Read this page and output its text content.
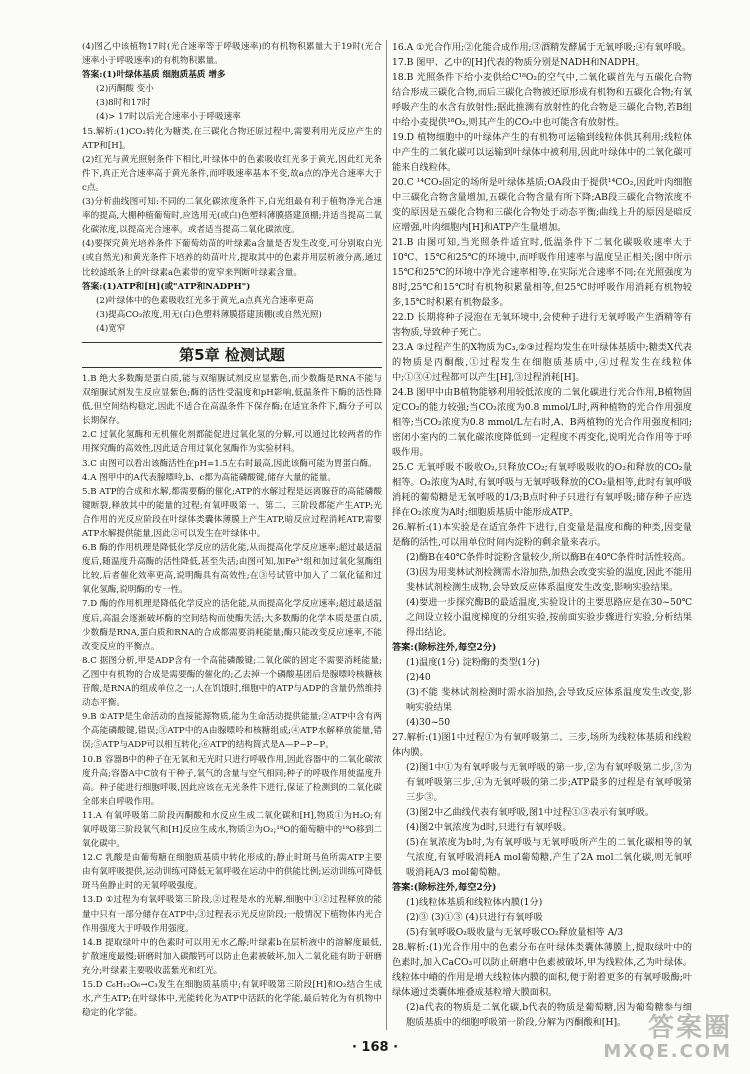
(4)图乙中该植物17时(光合速率等于呼吸速率)的有机物积累量大于19时(光合速率小于呼吸速率)的有机物积累量。

答案:(1)叶绿体基质 细胞质基质 增多

(2)丙酮酸 变小

(3)8时和17时

(4)> 17时以后光合速率小于呼吸速率

15.解析:(1)CO₂转化为糖类,在三碳化合物还原过程中,需要利用光反应产生的ATP和[H]。

(2)红光与黄光照射条件下相比,叶绿体中的色素吸收红光多于黄光,因此红光条件下,真正光合速率高于黄光条件,而呼吸速率基本不变,故a点的净光合速率大于c点。

(3)分析曲线图可知:不同的二氧化碳浓度条件下,白光组最有利于植物净光合速率的提高,大棚种植葡萄时,应选用无(或白)色塑料薄膜搭建顶棚;并适当提高二氧化碳浓度,以提高光合速率。或者适当提高二氧化碳浓度。

(4)要探究黄光培养条件下葡萄幼苗的叶绿素a含量是否发生改变,可分别取白光(或自然光)和黄光条件下培养的幼苗叶片,提取其中的色素并用层析液分离,通过比较滤纸条上的叶绿素a色素带的宽窄来判断叶绿素含量。

答案:(1)ATP和[H](或"ATP和NADPH")

(2)叶绿体中的色素吸收红光多于黄光,a点真光合速率更高

(3)提高CO₂浓度,用无(白)色塑料薄膜搭建顶棚(或自然光照)

(4)宽窄

第5章 检测试题

1.B 绝大多数酶是蛋白质,能与双缩脲试剂反应显紫色,而少数酶是RNA不能与双缩脲试剂发生反应显紫色;酶的活性受温度和pH影响,低温条件下酶的活性降低,但空间结构稳定,因此不适合在高温条件下保存酶;在适宜条件下,酶分子可以长期保存。

2.C 过氧化氢酶和无机催化剂都能促进过氧化氢的分解,可以通过比较两者的作用探究酶的高效性,因此适合用过氧化氢酶作为实验材料。

3.C 由图可以看出该酶活性在pH=1.5左右时最高,因此该酶可能为胃蛋白酶。

4.A 图甲中的A代表腺嘌呤,b、c都为高能磷酸键,储存大量的能量。

5.B ATP的合成和水解,都需要酶的催化;ATP的水解过程是远离腺苷的高能磷酸键断裂,释放其中的能量的过程;有氧呼吸第一、第二、三阶段都能产生ATP;光合作用的光反应阶段在叶绿体类囊体薄膜上产生ATP,暗反应过程消耗ATP,需要ATP水解提供能量,因此②可以发生在叶绿体中。

6.B 酶的作用机理是降低化学反应的活化能,从而提高化学反应速率;超过最适温度后,随温度升高酶的活性降低,甚至失活;由图可知,加Fe³⁺组和加过氧化氢酶组比较,后者催化效率更高,说明酶具有高效性;在③号试管中加入了二氧化锰和过氧化氢酶,说明酶的专一性。

7.D 酶的作用机理是降低化学反应的活化能,从而提高化学反应速率;超过最适温度后,高温会逐渐破坏酶的空间结构而使酶失活;大多数酶的化学本质是蛋白质,少数酶是RNA,蛋白质和RNA的合成都需要消耗能量;酶只能改变反应速率,不能改变反应的平衡点。

8.C 据图分析,甲是ADP含有一个高能磷酸键;二氧化碳的固定不需要消耗能量;乙图中有机物的合成是需要酶的催化的;乙去掉一个磷酸基团后是腺嘌呤核糖核苷酸,是RNA的组成单位之一;人在饥饿时,细胞中的ATP与ADP的含量仍然维持动态平衡。

9.B ①ATP是生命活动的直接能源物质,能为生命活动提供能量;②ATP中含有两个高能磷酸键,错误;③ATP中的A由腺嘌呤和核糖组成;④ATP水解释放能量,错误;⑤ATP与ADP可以相互转化;⑥ATP的结构简式是A—P~P~P。

10.B 容器B中的种子在无氧和无光时只进行呼吸作用,因此容器中的二氧化碳浓度升高;容器A中C放有干种子,氧气的含量与空气相同;种子的呼吸作用使温度升高。种子能进行细胞呼吸,因此应该在无光条件下进行,保证了检测到的二氧化碳全部来自呼吸作用。

11.A 有氧呼吸第二阶段丙酮酸和水反应生成二氧化碳和[H],物质①为H₂O;有氧呼吸第三阶段氧气和[H]反应生成水,物质②为O₂;¹⁸O的葡萄糖中的¹⁸O移到二氧化碳中。

12.C 乳酸是由葡萄糖在细胞质基质中转化形成的;静止时斑马鱼所需ATP主要由有氧呼吸提供,运动训练可降低无氧呼吸在运动中的供能比例;运动训练可降低斑马鱼静止时的无氧呼吸强度。

13.D ①过程为有氧呼吸第三阶段,②过程是水的光解,细胞中①②过程释放的能量中只有一部分储存在ATP中;③过程表示光反应阶段;一般情况下植物体内光合作用强度大于呼吸作用强度。

14.B 提取绿叶中的色素时可以用无水乙醇;叶绿素b在层析液中的溶解度最低,扩散速度最慢;研磨时加入碳酸钙可以防止色素被破坏,加入二氧化硅有助于研磨充分;叶绿素主要吸收蓝紫光和红光。

15.D C₆H₁₂O₆→C₃发生在细胞质基质中;有氧呼吸第三阶段[H]和O₂结合生成水,产生ATP;在叶绿体中,光能转化为ATP中活跃的化学能,最后转化为有机物中稳定的化学能。

16.A ①光合作用;②化能合成作用;③酒精发酵属于无氧呼吸;④有氧呼吸。

17.B 图甲、乙中的[H]代表的物质分别是NADH和NADPH。

18.B 光照条件下给小麦供给C¹⁸O₂的空气中,二氧化碳首先与五碳化合物结合形成三碳化合物,而后三碳化合物被还原形成有机物和五碳化合物;有氧呼吸产生的水含有放射性;据此推测有放射性的化合物是三碳化合物,若B组中给小麦提供¹⁸O₂,则其产生的CO₂中也可能含有放射性。

19.D 植物细胞中的叶绿体产生的有机物可运输到线粒体供其利用;线粒体中产生的二氧化碳可以运输到叶绿体中被利用,因此叶绿体中的二氧化碳可能来自线粒体。

20.C ¹⁴CO₂固定的场所是叶绿体基质;OA段由于提供¹⁴CO₂,因此叶肉细胞中三碳化合物含量增加,五碳化合物含量有所下降;AB段三碳化合物浓度不变的原因是五碳化合物和三碳化合物处于动态平衡;曲线上升的原因是暗反应增强,叶肉细胞内[H]和ATP产生量增加。

21.B 由图可知,当光照条件适宜时,低温条件下二氧化碳吸收速率大于10℃、15℃和25℃的环境中,而呼吸作用速率与温度呈正相关;图中所示15℃和25℃的环境中净光合速率相等,在实际光合速率不同;在光照强度为8时,25℃和15℃时有机物积累量相等,但25℃时呼吸作用消耗有机物较多,15℃时积累有机物最多。

22.D 长期将种子浸泡在无氧环境中,会使种子进行无氧呼吸产生酒精等有害物质,导致种子死亡。

23.A ③过程产生的X物质为C₃,②③过程均发生在叶绿体基质中;糖类X代表的物质是丙酮酸,①过程发生在细胞质基质中,④过程发生在线粒体中;①③④过程都可以产生[H],③过程消耗[H]。

24.B 图甲中由B植物能够利用较低浓度的二氧化碳进行光合作用,B植物固定CO₂的能力较强;当CO₂浓度为0.8 mmol/L时,两种植物的光合作用强度相等;当CO₂浓度为0.8 mmol/L左右时,A、B两植物的光合作用强度相同;密闭小室内的二氧化碳浓度降低到一定程度不再变化,说明光合作用等于呼吸作用。

25.C 无氧呼吸不吸收O₂,只释放CO₂;有氧呼吸吸收的O₂和释放的CO₂量相等。O₂浓度为A时,有氧呼吸与无氧呼吸释放的CO₂量相等,此时有氧呼吸消耗的葡萄糖是无氧呼吸的1/3;B点时种子只进行有氧呼吸;储存种子应选择在O₂浓度为A时;细胞质基质中能形成ATP。

26.解析:(1)本实验是在适宜条件下进行,自变量是温度和酶的种类,因变量是酶的活性,可以用单位时间内淀粉的剩余量来表示。

(2)酶B在40℃条件时淀粉含量较少,所以酶B在40℃条件时活性较高。

(3)因为用斐林试剂检测需水浴加热,加热会改变实验的温度,因此不能用斐林试剂检测生成物,会导致反应体系温度发生改变,影响实验结果。

(4)要进一步探究酶B的最适温度,实验设计的主要思路应是在30~50℃之间设立较小温度梯度的分组实验,按前面实验步骤进行实验,分析结果得出结论。

答案:(除标注外,每空2分)

(1)温度(1分) 淀粉酶的类型(1分)

(2)40

(3)不能 斐林试剂检测时需水浴加热,会导致反应体系温度发生改变,影响实验结果

(4)30~50

27.解析:(1)图1中过程①为有氧呼吸第二、三步,场所为线粒体基质和线粒体内膜。

(2)图1中①为有氧呼吸与无氧呼吸的第一步,②为有氧呼吸第二步,③为有氧呼吸第三步,④为无氧呼吸的第二步;ATP最多的过程是有氧呼吸第三步③。

(3)图2中乙曲线代表有氧呼吸,图1中过程①③表示有氧呼吸。

(4)图2中氧浓度为d时,只进行有氧呼吸。

(5)在氧浓度为b时,为有氧呼吸与无氧呼吸所产生的二氧化碳相等的氧气浓度,有氧呼吸消耗A mol葡萄糖,产生了2A mol二氧化碳,则无氧呼吸消耗A/3 mol葡萄糖。

答案:(除标注外,每空2分)

(1)线粒体基质和线粒体内膜(1分)

(2)③ (3)①③ (4)只进行有氧呼吸

(5)有氧呼吸O₂吸收量与无氧呼吸CO₂释放量相等 A/3

28.解析:(1)光合作用中的色素分布在叶绿体类囊体薄膜上,提取绿叶中的色素时,加入CaCO₃可以防止研磨中色素被破坏,甲为线粒体,乙为叶绿体。线粒体中嵴的作用是增大线粒体内膜的面积,便于附着更多的有氧呼吸酶;叶绿体通过类囊体堆叠成基粒增大膜面积。

(2)a代表的物质是二氧化碳,b代表的物质是葡萄糖,因为葡萄糖参与细胞质基质中的细胞呼吸第一阶段,分解为丙酮酸和[H]。

· 168 ·
答案圈
MXQE.COM
